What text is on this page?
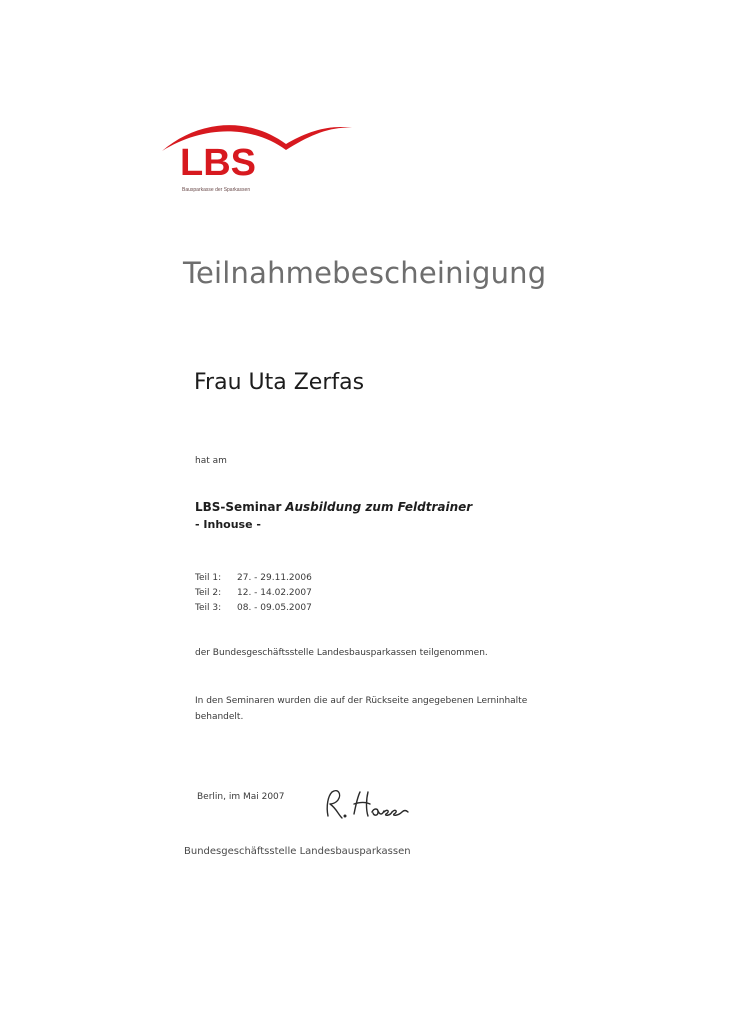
LBS
Bausparkasse der Sparkassen
Teilnahmebescheinigung
Frau Uta Zerfas
hat am
LBS-Seminar Ausbildung zum Feldtrainer
- Inhouse -
Teil 1:	27. - 29.11.2006
Teil 2:	12. - 14.02.2007
Teil 3:	08. - 09.05.2007
der Bundesgeschäftsstelle Landesbausparkassen teilgenommen.
In den Seminaren wurden die auf der Rückseite angegebenen Lerninhalte
behandelt.
Berlin, im Mai 2007
Bundesgeschäftsstelle Landesbausparkassen
